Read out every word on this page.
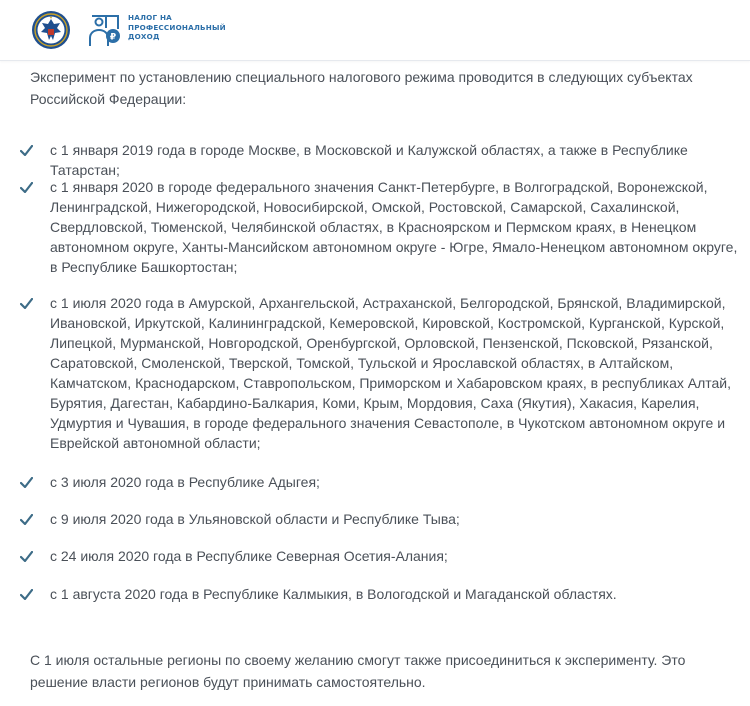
₽
НАЛОГ НА
ПРОФЕССИОНАЛЬНЫЙ
ДОХОД

Эксперимент по установлению специального налогового режима проводится в следующих субъектах Российской Федерации:

с 1 января 2019 года в городе Москве, в Московской и Калужской областях, а также в Республике Татарстан;
с 1 января 2020 в городе федерального значения Санкт-Петербурге, в Волгоградской, Воронежской, Ленинградской, Нижегородской, Новосибирской, Омской, Ростовской, Самарской, Сахалинской, Свердловской, Тюменской, Челябинской областях, в Красноярском и Пермском краях, в Ненецком автономном округе, Ханты-Мансийском автономном округе - Югре, Ямало-Ненецком автономном округе, в Республике Башкортостан;
с 1 июля 2020 года в Амурской, Архангельской, Астраханской, Белгородской, Брянской, Владимирской, Ивановской, Иркутской, Калининградской, Кемеровской, Кировской, Костромской, Курганской, Курской, Липецкой, Мурманской, Новгородской, Оренбургской, Орловской, Пензенской, Псковской, Рязанской, Саратовской, Смоленской, Тверской, Томской, Тульской и Ярославской областях, в Алтайском, Камчатском, Краснодарском, Ставропольском, Приморском и Хабаровском краях, в республиках Алтай, Бурятия, Дагестан, Кабардино-Балкария, Коми, Крым, Мордовия, Саха (Якутия), Хакасия, Карелия, Удмуртия и Чувашия, в городе федерального значения Севастополе, в Чукотском автономном округе и Еврейской автономной области;
с 3 июля 2020 года в Республике Адыгея;
с 9 июля 2020 года в Ульяновской области и Республике Тыва;
с 24 июля 2020 года в Республике Северная Осетия-Алания;
с 1 августа 2020 года в Республике Калмыкия, в Вологодской и Магаданской областях.

С 1 июля остальные регионы по своему желанию смогут также присоединиться к эксперименту. Это решение власти регионов будут принимать самостоятельно.
